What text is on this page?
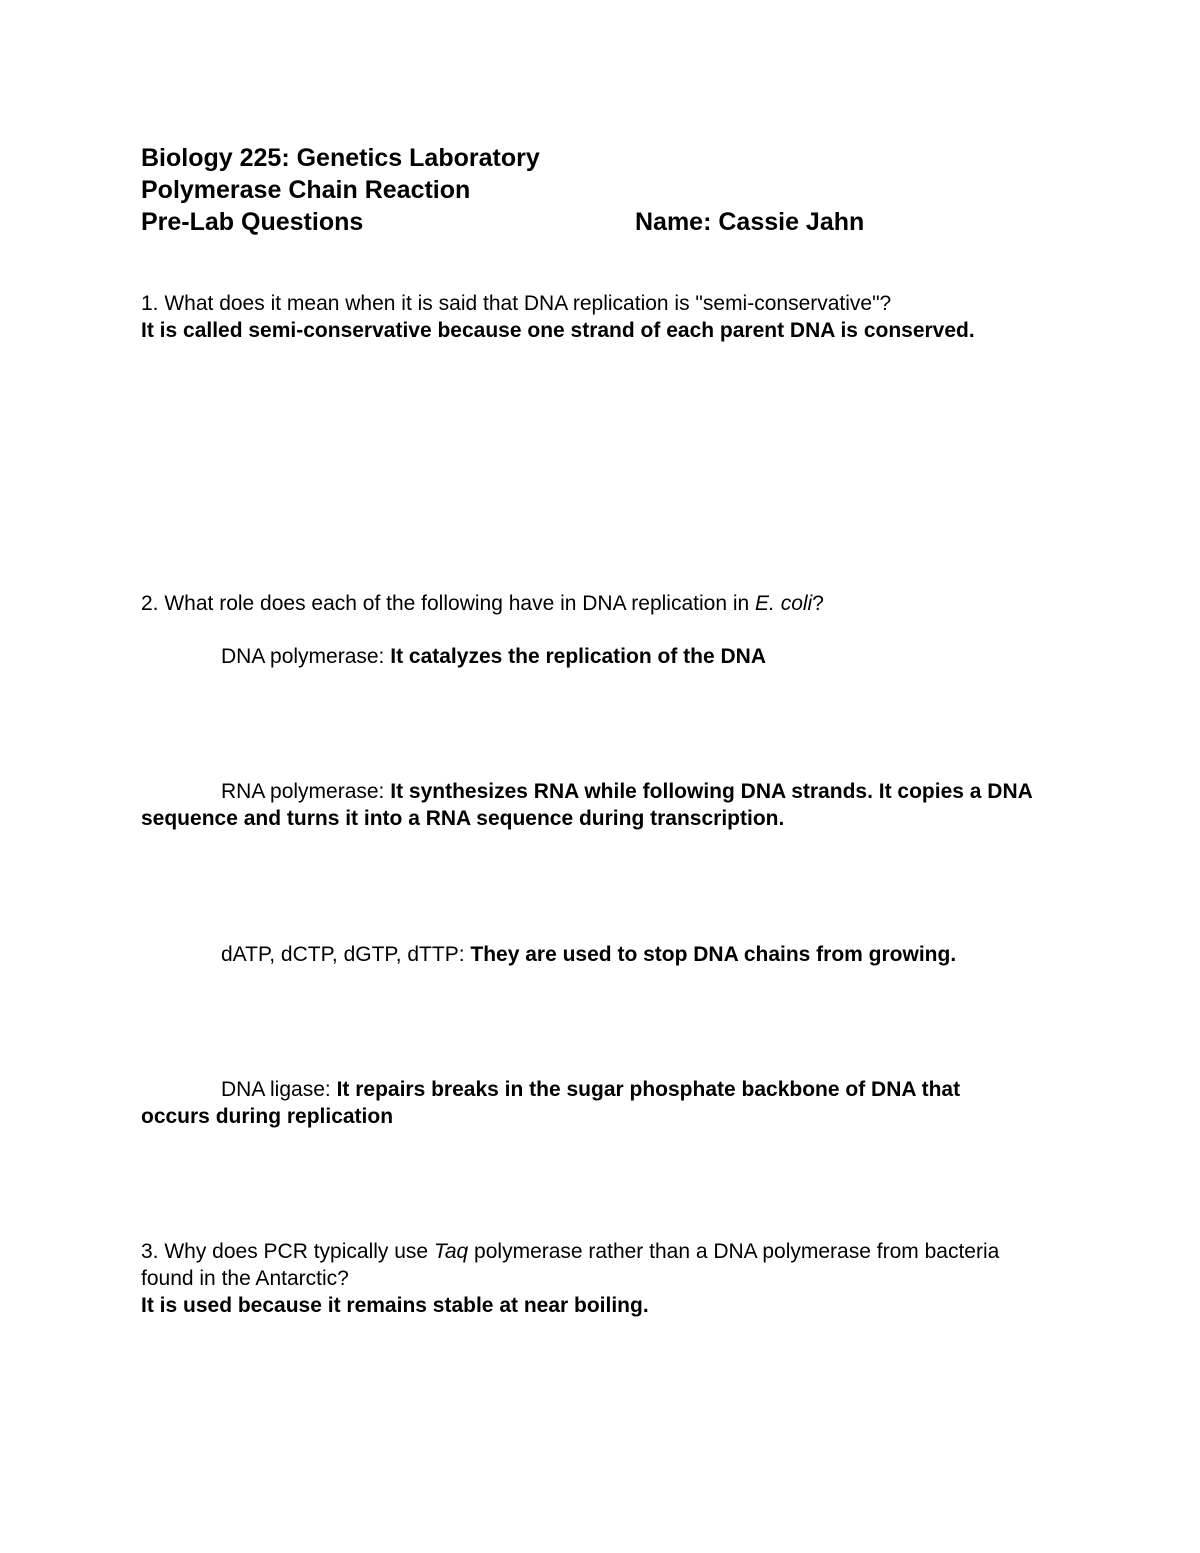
Biology 225: Genetics Laboratory
Polymerase Chain Reaction
Pre-Lab Questions	Name: Cassie Jahn
1. What does it mean when it is said that DNA replication is "semi-conservative"?
It is called semi-conservative because one strand of each parent DNA is conserved.
2. What role does each of the following have in DNA replication in E. coli?
DNA polymerase: It catalyzes the replication of the DNA
RNA polymerase: It synthesizes RNA while following DNA strands. It copies a DNA sequence and turns it into a RNA sequence during transcription.
dATP, dCTP, dGTP, dTTP: They are used to stop DNA chains from growing.
DNA ligase: It repairs breaks in the sugar phosphate backbone of DNA that occurs during replication
3. Why does PCR typically use Taq polymerase rather than a DNA polymerase from bacteria found in the Antarctic?
It is used because it remains stable at near boiling.
